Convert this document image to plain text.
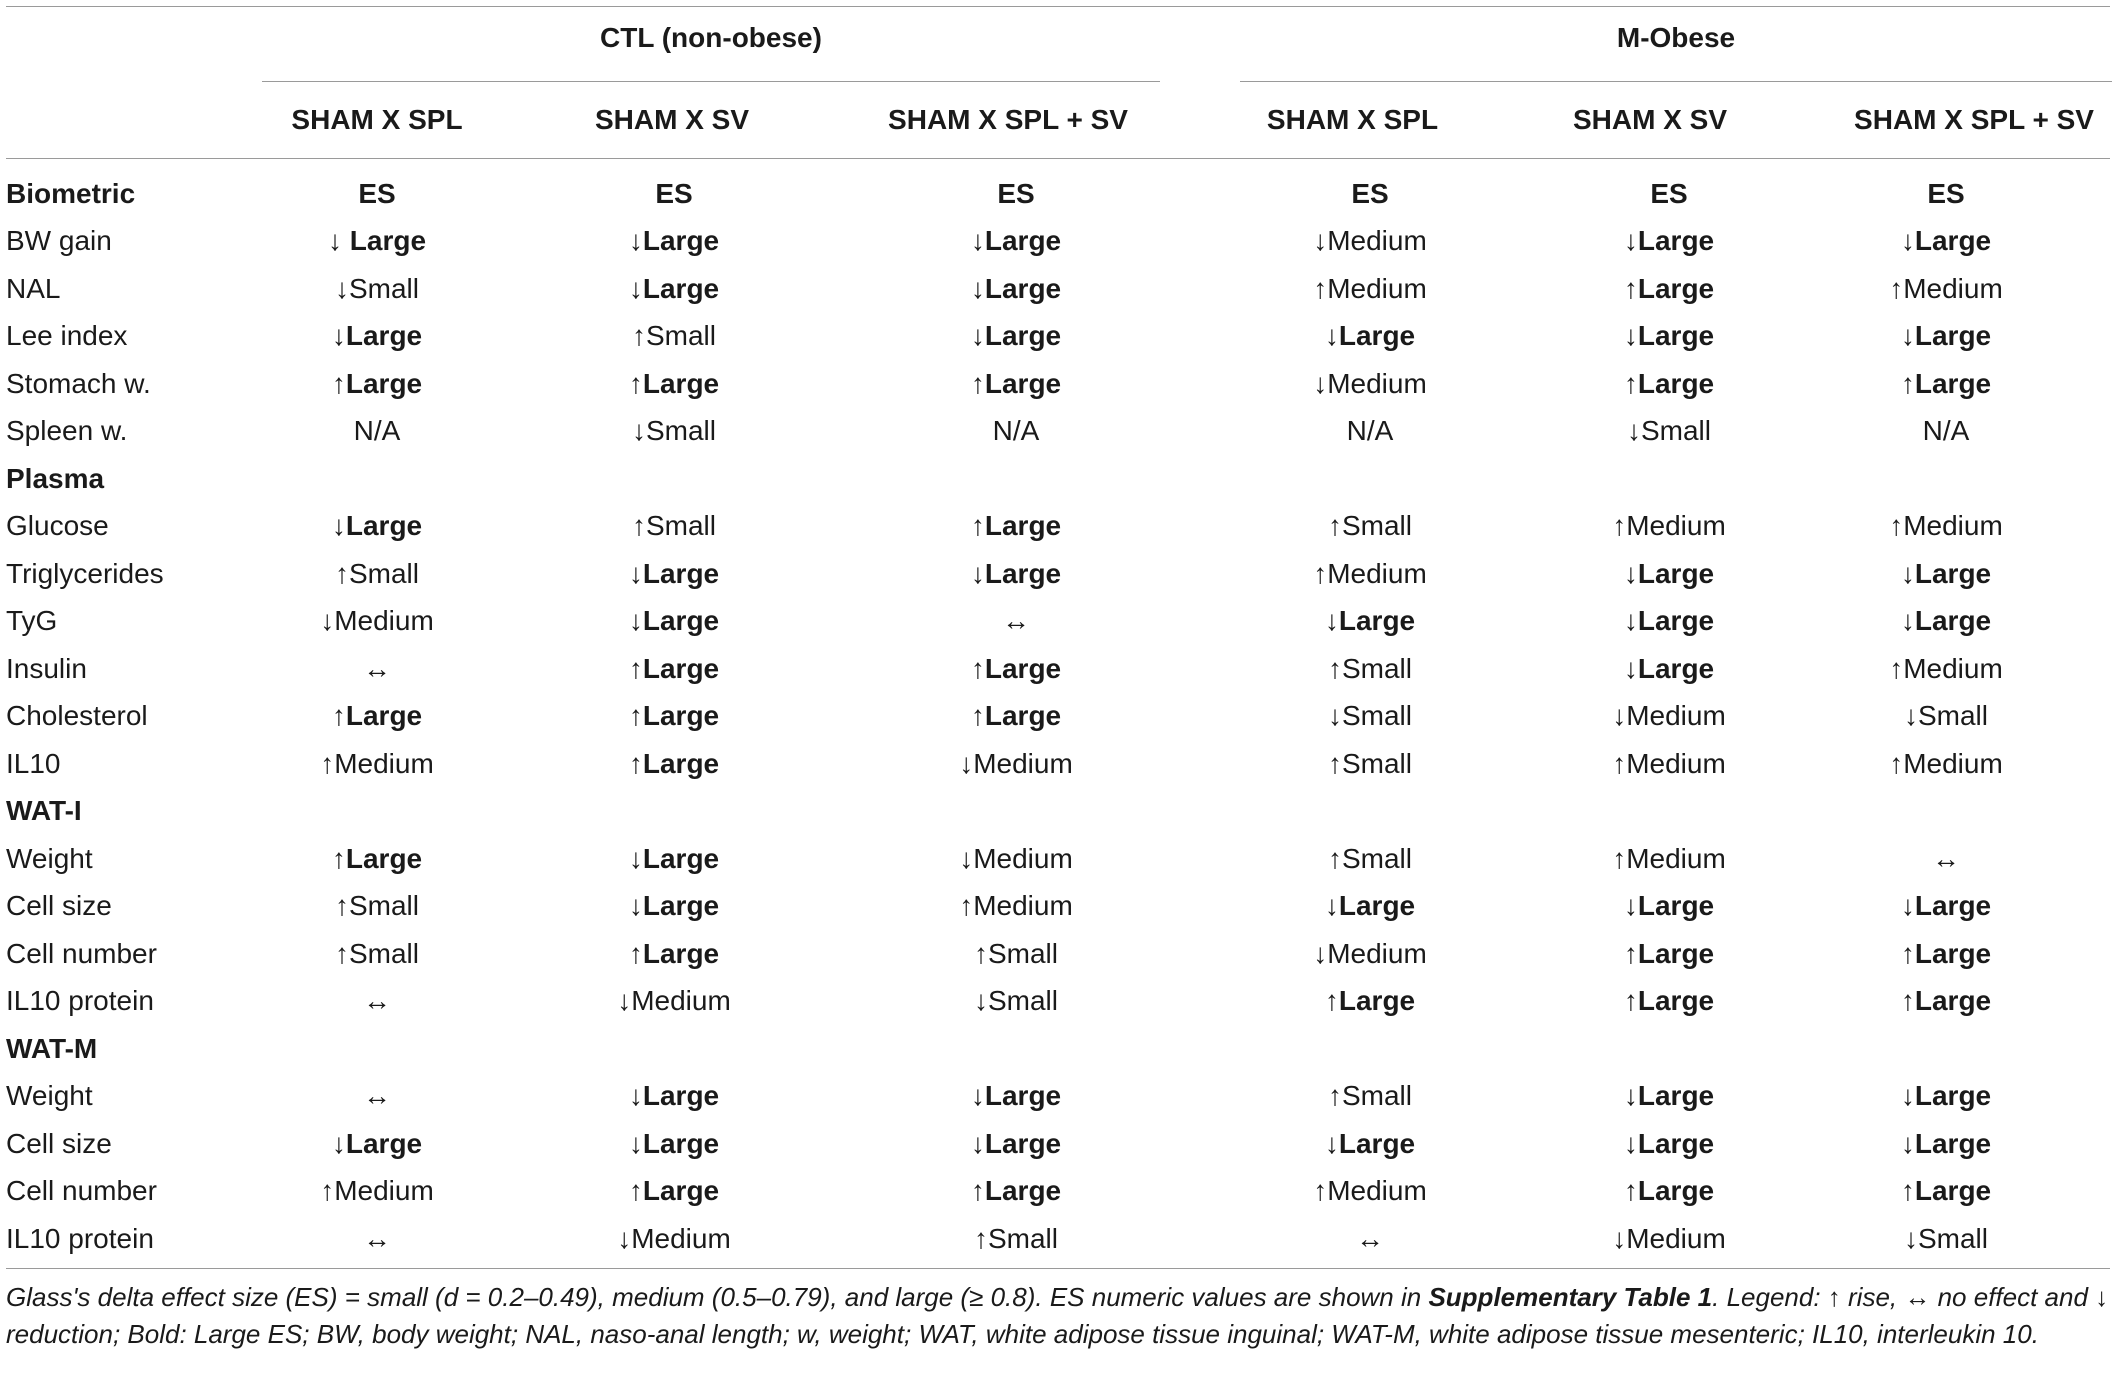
CTL (non-obese)	M-Obese
SHAM X SPL	SHAM X SV	SHAM X SPL + SV	SHAM X SPL	SHAM X SV	SHAM X SPL + SV
Biometric	ES	ES	ES	ES	ES	ES
BW gain	↓ Large	↓Large	↓Large	↓Medium	↓Large	↓Large
NAL	↓Small	↓Large	↓Large	↑Medium	↑Large	↑Medium
Lee index	↓Large	↑Small	↓Large	↓Large	↓Large	↓Large
Stomach w.	↑Large	↑Large	↑Large	↓Medium	↑Large	↑Large
Spleen w.	N/A	↓Small	N/A	N/A	↓Small	N/A
Plasma						
Glucose	↓Large	↑Small	↑Large	↑Small	↑Medium	↑Medium
Triglycerides	↑Small	↓Large	↓Large	↑Medium	↓Large	↓Large
TyG	↓Medium	↓Large	↔	↓Large	↓Large	↓Large
Insulin	↔	↑Large	↑Large	↑Small	↓Large	↑Medium
Cholesterol	↑Large	↑Large	↑Large	↓Small	↓Medium	↓Small
IL10	↑Medium	↑Large	↓Medium	↑Small	↑Medium	↑Medium
WAT-I						
Weight	↑Large	↓Large	↓Medium	↑Small	↑Medium	↔
Cell size	↑Small	↓Large	↑Medium	↓Large	↓Large	↓Large
Cell number	↑Small	↑Large	↑Small	↓Medium	↑Large	↑Large
IL10 protein	↔	↓Medium	↓Small	↑Large	↑Large	↑Large
WAT-M						
Weight	↔	↓Large	↓Large	↑Small	↓Large	↓Large
Cell size	↓Large	↓Large	↓Large	↓Large	↓Large	↓Large
Cell number	↑Medium	↑Large	↑Large	↑Medium	↑Large	↑Large
IL10 protein	↔	↓Medium	↑Small	↔	↓Medium	↓Small
Glass's delta effect size (ES) = small (d = 0.2–0.49), medium (0.5–0.79), and large (≥ 0.8). ES numeric values are shown in Supplementary Table 1. Legend: ↑ rise, ↔ no effect and ↓ reduction; Bold: Large ES; BW, body weight; NAL, naso-anal length; w, weight; WAT, white adipose tissue inguinal; WAT-M, white adipose tissue mesenteric; IL10, interleukin 10.
